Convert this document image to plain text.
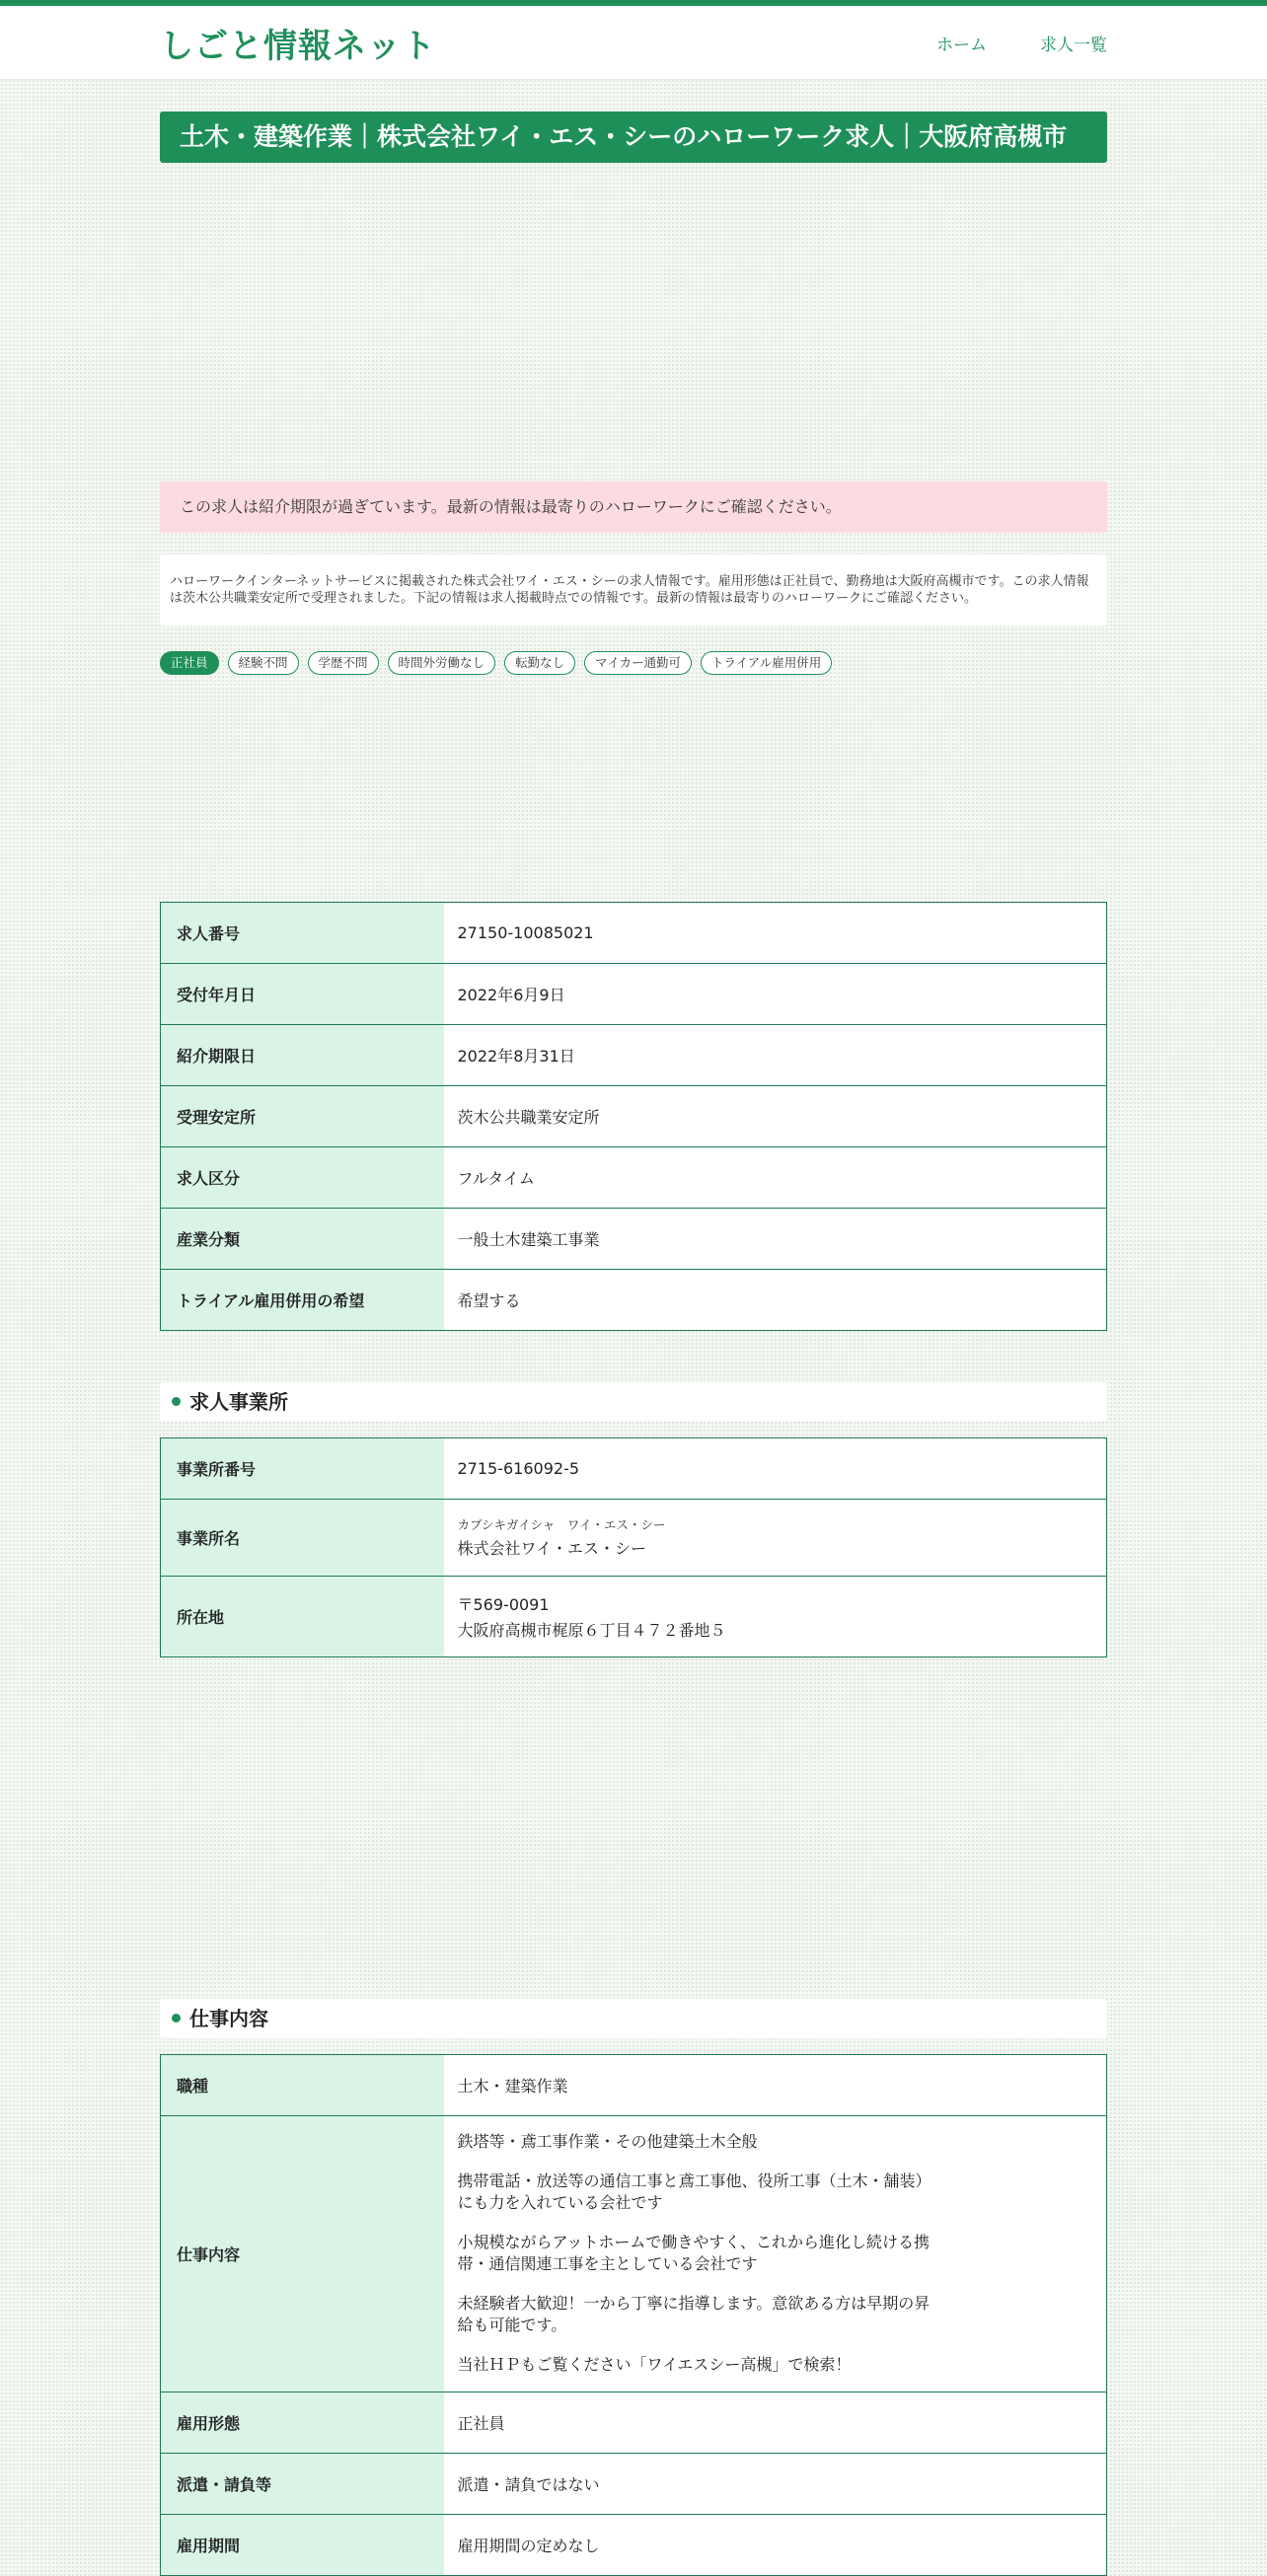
しごと情報ネット	ホーム	求人一覧
土木・建築作業｜株式会社ワイ・エス・シーのハローワーク求人｜大阪府高槻市
この求人は紹介期限が過ぎています。最新の情報は最寄りのハローワークにご確認ください。
ハローワークインターネットサービスに掲載された株式会社ワイ・エス・シーの求人情報です。雇用形態は正社員で、勤務地は大阪府高槻市です。この求人情報は茨木公共職業安定所で受理されました。下記の情報は求人掲載時点での情報です。最新の情報は最寄りのハローワークにご確認ください。
正社員	経験不問	学歴不問	時間外労働なし	転勤なし	マイカー通勤可	トライアル雇用併用
求人番号	27150-10085021
受付年月日	2022年6月9日
紹介期限日	2022年8月31日
受理安定所	茨木公共職業安定所
求人区分	フルタイム
産業分類	一般土木建築工事業
トライアル雇用併用の希望	希望する
求人事業所
事業所番号	2715-616092-5
事業所名	カブシキガイシャ　ワイ・エス・シー
株式会社ワイ・エス・シー

所在地	〒569-0091
大阪府高槻市梶原６丁目４７２番地５
仕事内容
職種	土木・建築作業
仕事内容	鉄塔等・鳶工事作業・その他建築土木全般

携帯電話・放送等の通信工事と鳶工事他、役所工事（土木・舗装）にも力を入れている会社です

小規模ながらアットホームで働きやすく、これから進化し続ける携帯・通信関連工事を主としている会社です

未経験者大歓迎！一から丁寧に指導します。意欲ある方は早期の昇給も可能です。

当社ＨＰもご覧ください「ワイエスシー高槻」で検索！

雇用形態	正社員
派遣・請負等	派遣・請負ではない
雇用期間	雇用期間の定めなし
